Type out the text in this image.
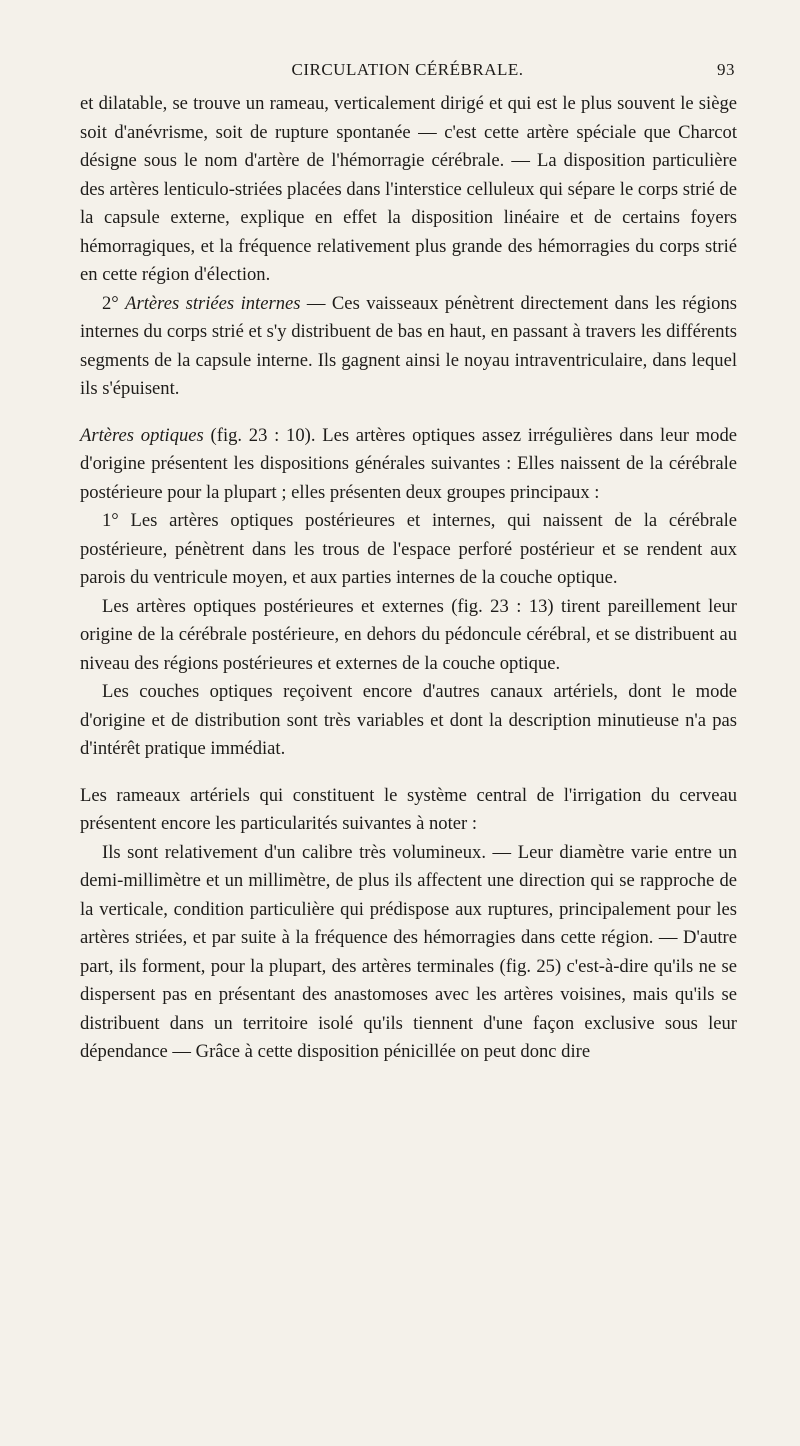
CIRCULATION CÉRÉBRALE.	93

et dilatable, se trouve un rameau, verticalement dirigé et qui est le plus souvent le siège soit d'anévrisme, soit de rupture spontanée — c'est cette artère spéciale que Charcot désigne sous le nom d'artère de l'hémorragie cérébrale. — La disposition particulière des artères lenticulo-striées placées dans l'interstice celluleux qui sépare le corps strié de la capsule externe, explique en effet la disposition linéaire et de certains foyers hémorragiques, et la fréquence relativement plus grande des hémorragies du corps strié en cette région d'élection.

2° Artères striées internes — Ces vaisseaux pénètrent directement dans les régions internes du corps strié et s'y distribuent de bas en haut, en passant à travers les différents segments de la capsule interne. Ils gagnent ainsi le noyau intraventriculaire, dans lequel ils s'épuisent.

Artères optiques (fig. 23 : 10). Les artères optiques assez irrégulières dans leur mode d'origine présentent les dispositions générales suivantes : Elles naissent de la cérébrale postérieure pour la plupart ; elles présenten deux groupes principaux :

1° Les artères optiques postérieures et internes, qui naissent de la cérébrale postérieure, pénètrent dans les trous de l'espace perforé postérieur et se rendent aux parois du ventricule moyen, et aux parties internes de la couche optique.

Les artères optiques postérieures et externes (fig. 23 : 13) tirent pareillement leur origine de la cérébrale postérieure, en dehors du pédoncule cérébral, et se distribuent au niveau des régions postérieures et externes de la couche optique.

Les couches optiques reçoivent encore d'autres canaux artériels, dont le mode d'origine et de distribution sont très variables et dont la description minutieuse n'a pas d'intérêt pratique immédiat.

Les rameaux artériels qui constituent le système central de l'irrigation du cerveau présentent encore les particularités suivantes à noter :

Ils sont relativement d'un calibre très volumineux. — Leur diamètre varie entre un demi-millimètre et un millimètre, de plus ils affectent une direction qui se rapproche de la verticale, condition particulière qui prédispose aux ruptures, principalement pour les artères striées, et par suite à la fréquence des hémorragies dans cette région. — D'autre part, ils forment, pour la plupart, des artères terminales (fig. 25) c'est-à-dire qu'ils ne se dispersent pas en présentant des anastomoses avec les artères voisines, mais qu'ils se distribuent dans un territoire isolé qu'ils tiennent d'une façon exclusive sous leur dépendance — Grâce à cette disposition pénicillée on peut donc dire
